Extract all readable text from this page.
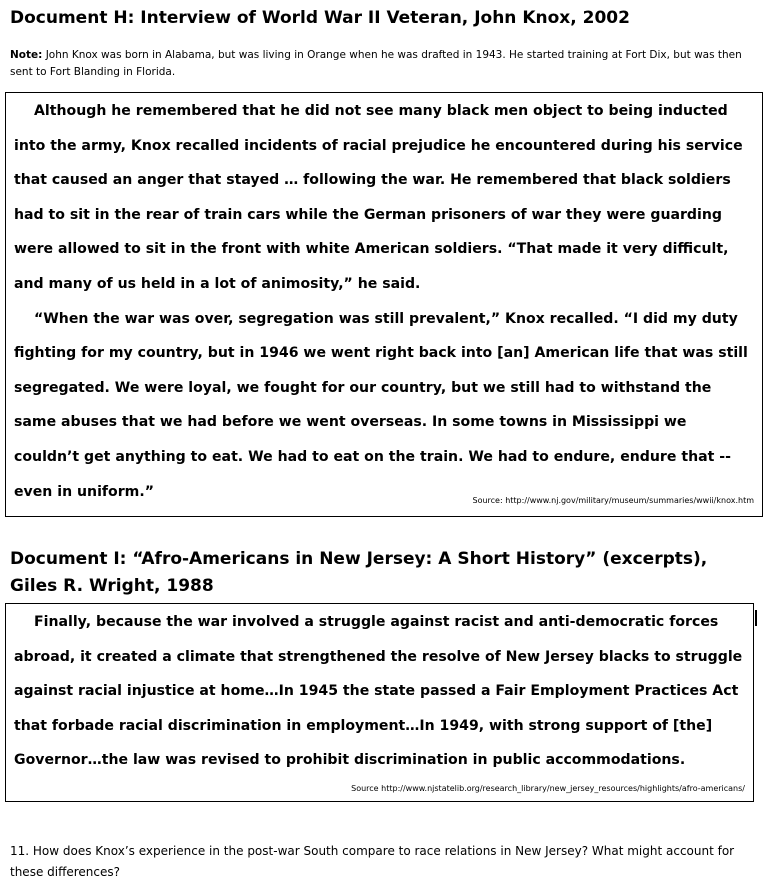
Document H: Interview of World War II Veteran, John Knox, 2002

Note: John Knox was born in Alabama, but was living in Orange when he was drafted in 1943. He started training at Fort Dix, but was then sent to Fort Blanding in Florida.

Although he remembered that he did not see many black men object to being inducted into the army, Knox recalled incidents of racial prejudice he encountered during his service that caused an anger that stayed … following the war. He remembered that black soldiers had to sit in the rear of train cars while the German prisoners of war they were guarding were allowed to sit in the front with white American soldiers. “That made it very difficult, and many of us held in a lot of animosity,” he said.

“When the war was over, segregation was still prevalent,” Knox recalled. “I did my duty fighting for my country, but in 1946 we went right back into [an] American life that was still segregated. We were loyal, we fought for our country, but we still had to withstand the same abuses that we had before we went overseas. In some towns in Mississippi we couldn’t get anything to eat. We had to eat on the train. We had to endure, endure that -- even in uniform.”

Source: http://www.nj.gov/military/museum/summaries/wwii/knox.htm
Document I: “Afro-Americans in New Jersey: A Short History” (excerpts), Giles R. Wright, 1988

Finally, because the war involved a struggle against racist and anti-democratic forces abroad, it created a climate that strengthened the resolve of New Jersey blacks to struggle against racial injustice at home…In 1945 the state passed a Fair Employment Practices Act that forbade racial discrimination in employment…In 1949, with strong support of [the] Governor…the law was revised to prohibit discrimination in public accommodations.

Source http://www.njstatelib.org/research_library/new_jersey_resources/highlights/afro-americans/

11. How does Knox’s experience in the post-war South compare to race relations in New Jersey? What might account for these differences?
